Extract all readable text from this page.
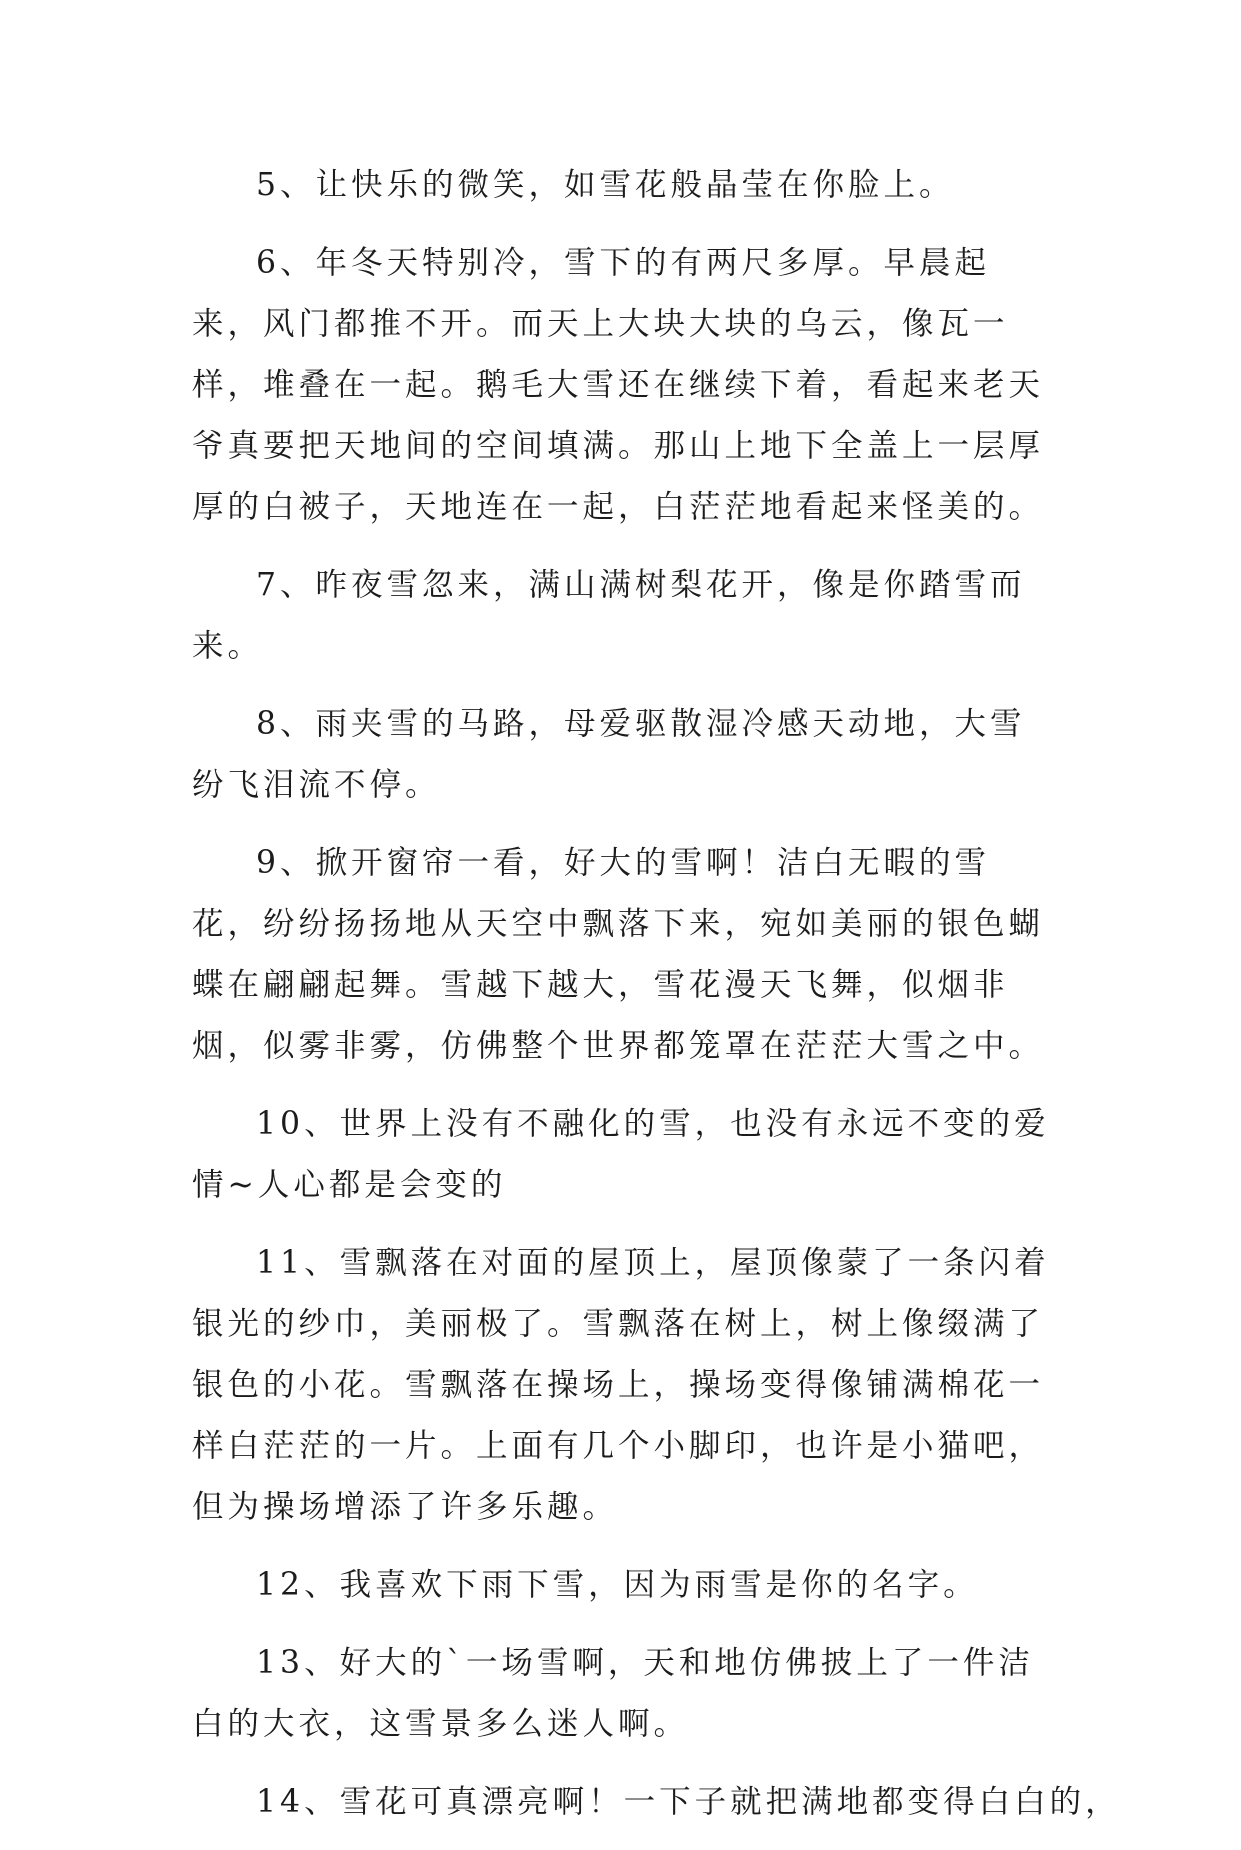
5、让快乐的微笑，如雪花般晶莹在你脸上。

6、年冬天特别冷，雪下的有两尺多厚。早晨起来，风门都推不开。而天上大块大块的乌云，像瓦一样，堆叠在一起。鹅毛大雪还在继续下着，看起来老天爷真要把天地间的空间填满。那山上地下全盖上一层厚厚的白被子，天地连在一起，白茫茫地看起来怪美的。

7、昨夜雪忽来，满山满树梨花开，像是你踏雪而来。

8、雨夹雪的马路，母爱驱散湿冷感天动地，大雪纷飞泪流不停。

9、掀开窗帘一看，好大的雪啊！洁白无暇的雪花，纷纷扬扬地从天空中飘落下来，宛如美丽的银色蝴蝶在翩翩起舞。雪越下越大，雪花漫天飞舞，似烟非烟，似雾非雾，仿佛整个世界都笼罩在茫茫大雪之中。

10、世界上没有不融化的雪，也没有永远不变的爱情~人心都是会变的

11、雪飘落在对面的屋顶上，屋顶像蒙了一条闪着银光的纱巾，美丽极了。雪飘落在树上，树上像缀满了银色的小花。雪飘落在操场上，操场变得像铺满棉花一样白茫茫的一片。上面有几个小脚印，也许是小猫吧，但为操场增添了许多乐趣。

12、我喜欢下雨下雪，因为雨雪是你的名字。

13、好大的`一场雪啊，天和地仿佛披上了一件洁白的大衣，这雪景多么迷人啊。

14、雪花可真漂亮啊！一下子就把满地都变得白白的，
